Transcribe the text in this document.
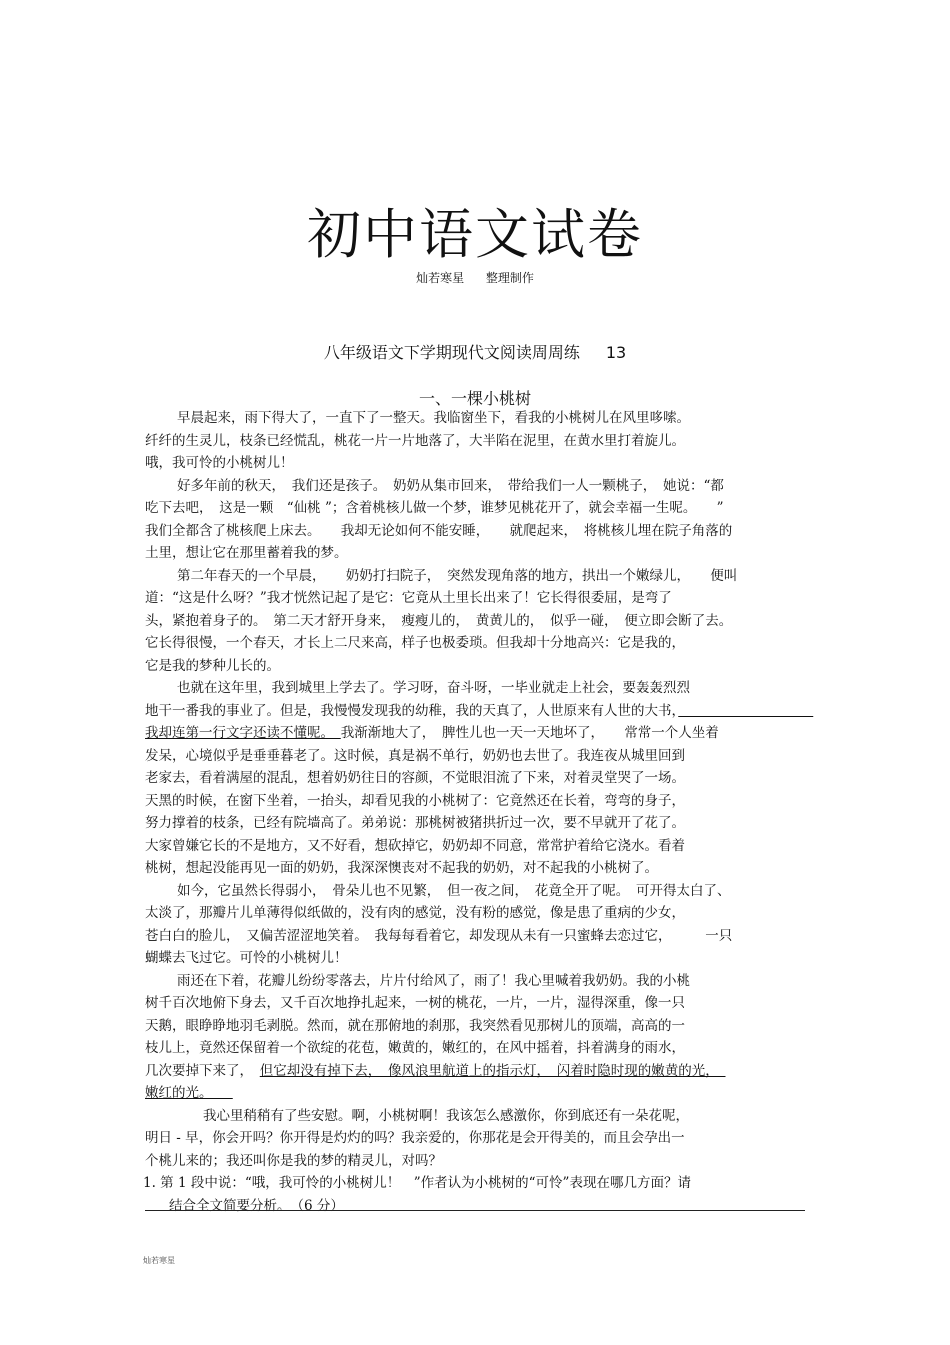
初中语文试卷
灿若寒星 整理制作
八年级语文下学期现代文阅读周周练 13
一、一棵小桃树
早晨起来，雨下得大了，一直下了一整天。我临窗坐下，看我的小桃树儿在风里哆嗦。
纤纤的生灵儿，枝条已经慌乱，桃花一片一片地落了，大半陷在泥里，在黄水里打着旋儿。
哦，我可怜的小桃树儿！
好多年前的秋天，　我们还是孩子。　奶奶从集市回来，　带给我们一人一颗桃子，　她说：“都
吃下去吧，　这是一颗　“仙桃 ”；含着桃核儿做一个梦，谁梦见桃花开了，就会幸福一生呢。　　”
我们全都含了桃核爬上床去。　　我却无论如何不能安睡，　　就爬起来，　将桃核儿埋在院子角落的
土里，想让它在那里蓄着我的梦。
第二年春天的一个早晨，　　奶奶打扫院子，　突然发现角落的地方，拱出一个嫩绿儿，　　便叫
道：“这是什么呀？”我才恍然记起了是它：它竟从土里长出来了！它长得很委屈，是弯了
头，紧抱着身子的。　第二天才舒开身来，　瘦瘦儿的，　黄黄儿的，　似乎一碰，　便立即会断了去。
它长得很慢，一个春天，才长上二尺来高，样子也极委琐。但我却十分地高兴：它是我的，
它是我的梦种儿长的。
也就在这年里，我到城里上学去了。学习呀，奋斗呀，一毕业就走上社会，要轰轰烈烈
地干一番我的事业了。但是，我慢慢发现我的幼稚，我的天真了，人世原来有人世的大书，　　　　　　　　　　
我却连第一行文字还读不懂呢。　我渐渐地大了，　脾性儿也一天一天地坏了，　　常常一个人坐着
发呆，心境似乎是垂垂暮老了。这时候，真是祸不单行，奶奶也去世了。我连夜从城里回到
老家去，看着满屋的混乱，想着奶奶往日的容颜，不觉眼泪流了下来，对着灵堂哭了一场。
天黑的时候，在窗下坐着，一抬头，却看见我的小桃树了：它竟然还在长着，弯弯的身子，
努力撑着的枝条，已经有院墙高了。弟弟说：那桃树被猪拱折过一次，要不早就开了花了。
大家曾嫌它长的不是地方，又不好看，想砍掉它，奶奶却不同意，常常护着给它浇水。看着
桃树，想起没能再见一面的奶奶，我深深懊丧对不起我的奶奶，对不起我的小桃树了。
如今，它虽然长得弱小，　骨朵儿也不见繁，　但一夜之间，　花竟全开了呢。　可开得太白了、
太淡了，那瓣片儿单薄得似纸做的，没有肉的感觉，没有粉的感觉，像是患了重病的少女，
苍白白的脸儿，　又偏苦涩涩地笑着。　我每每看着它，却发现从未有一只蜜蜂去恋过它，　　　一只
蝴蝶去飞过它。可怜的小桃树儿！
雨还在下着，花瓣儿纷纷零落去，片片付给风了，雨了！我心里喊着我奶奶。我的小桃
树千百次地俯下身去，又千百次地挣扎起来，一树的桃花，一片，一片，湿得深重，像一只
天鹅，眼睁睁地羽毛剥脱。然而，就在那俯地的刹那，我突然看见那树儿的顶端，高高的一
枝儿上，竟然还保留着一个欲绽的花苞，嫩黄的，嫩红的，在风中摇着，抖着满身的雨水，
几次要掉下来了，　但它却没有掉下去，　像风浪里航道上的指示灯，　闪着时隐时现的嫩黄的光，　
嫩红的光。　　
我心里稍稍有了些安慰。啊，小桃树啊！我该怎么感激你，你到底还有一朵花呢，
明日 - 早，你会开吗？你开得是灼灼的吗？我亲爱的，你那花是会开得美的，而且会孕出一
个桃儿来的；我还叫你是我的梦的精灵儿，对吗？
1. 第 1 段中说：“哦，我可怜的小桃树儿！　”作者认为小桃树的“可怜”表现在哪几方面？请
结合全文简要分析。　（6 分）
灿若寒星
